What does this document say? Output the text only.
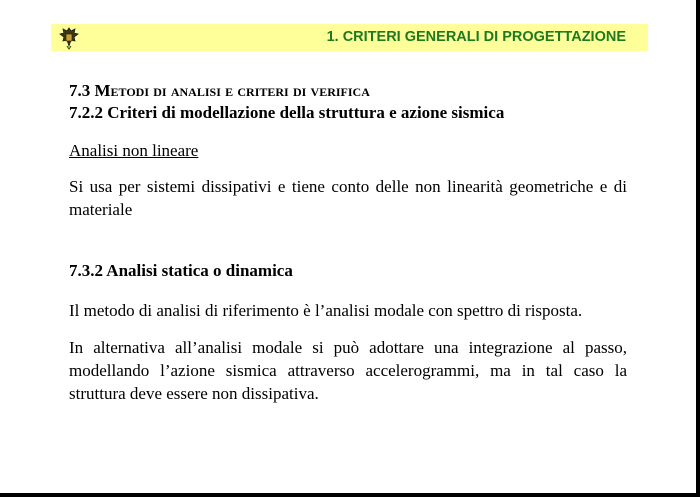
1. CRITERI GENERALI DI PROGETTAZIONE

7.3 Metodi di analisi e criteri di verifica

7.2.2 Criteri di modellazione della struttura e azione sismica

Analisi non lineare

Si usa per sistemi dissipativi e tiene conto delle non linearità geometriche e di materiale

7.3.2 Analisi statica o dinamica

Il metodo di analisi di riferimento è l’analisi modale con spettro di risposta.

In alternativa all’analisi modale si può adottare una integrazione al passo, modellando l’azione sismica attraverso accelerogrammi, ma in tal caso la struttura deve essere non dissipativa.
